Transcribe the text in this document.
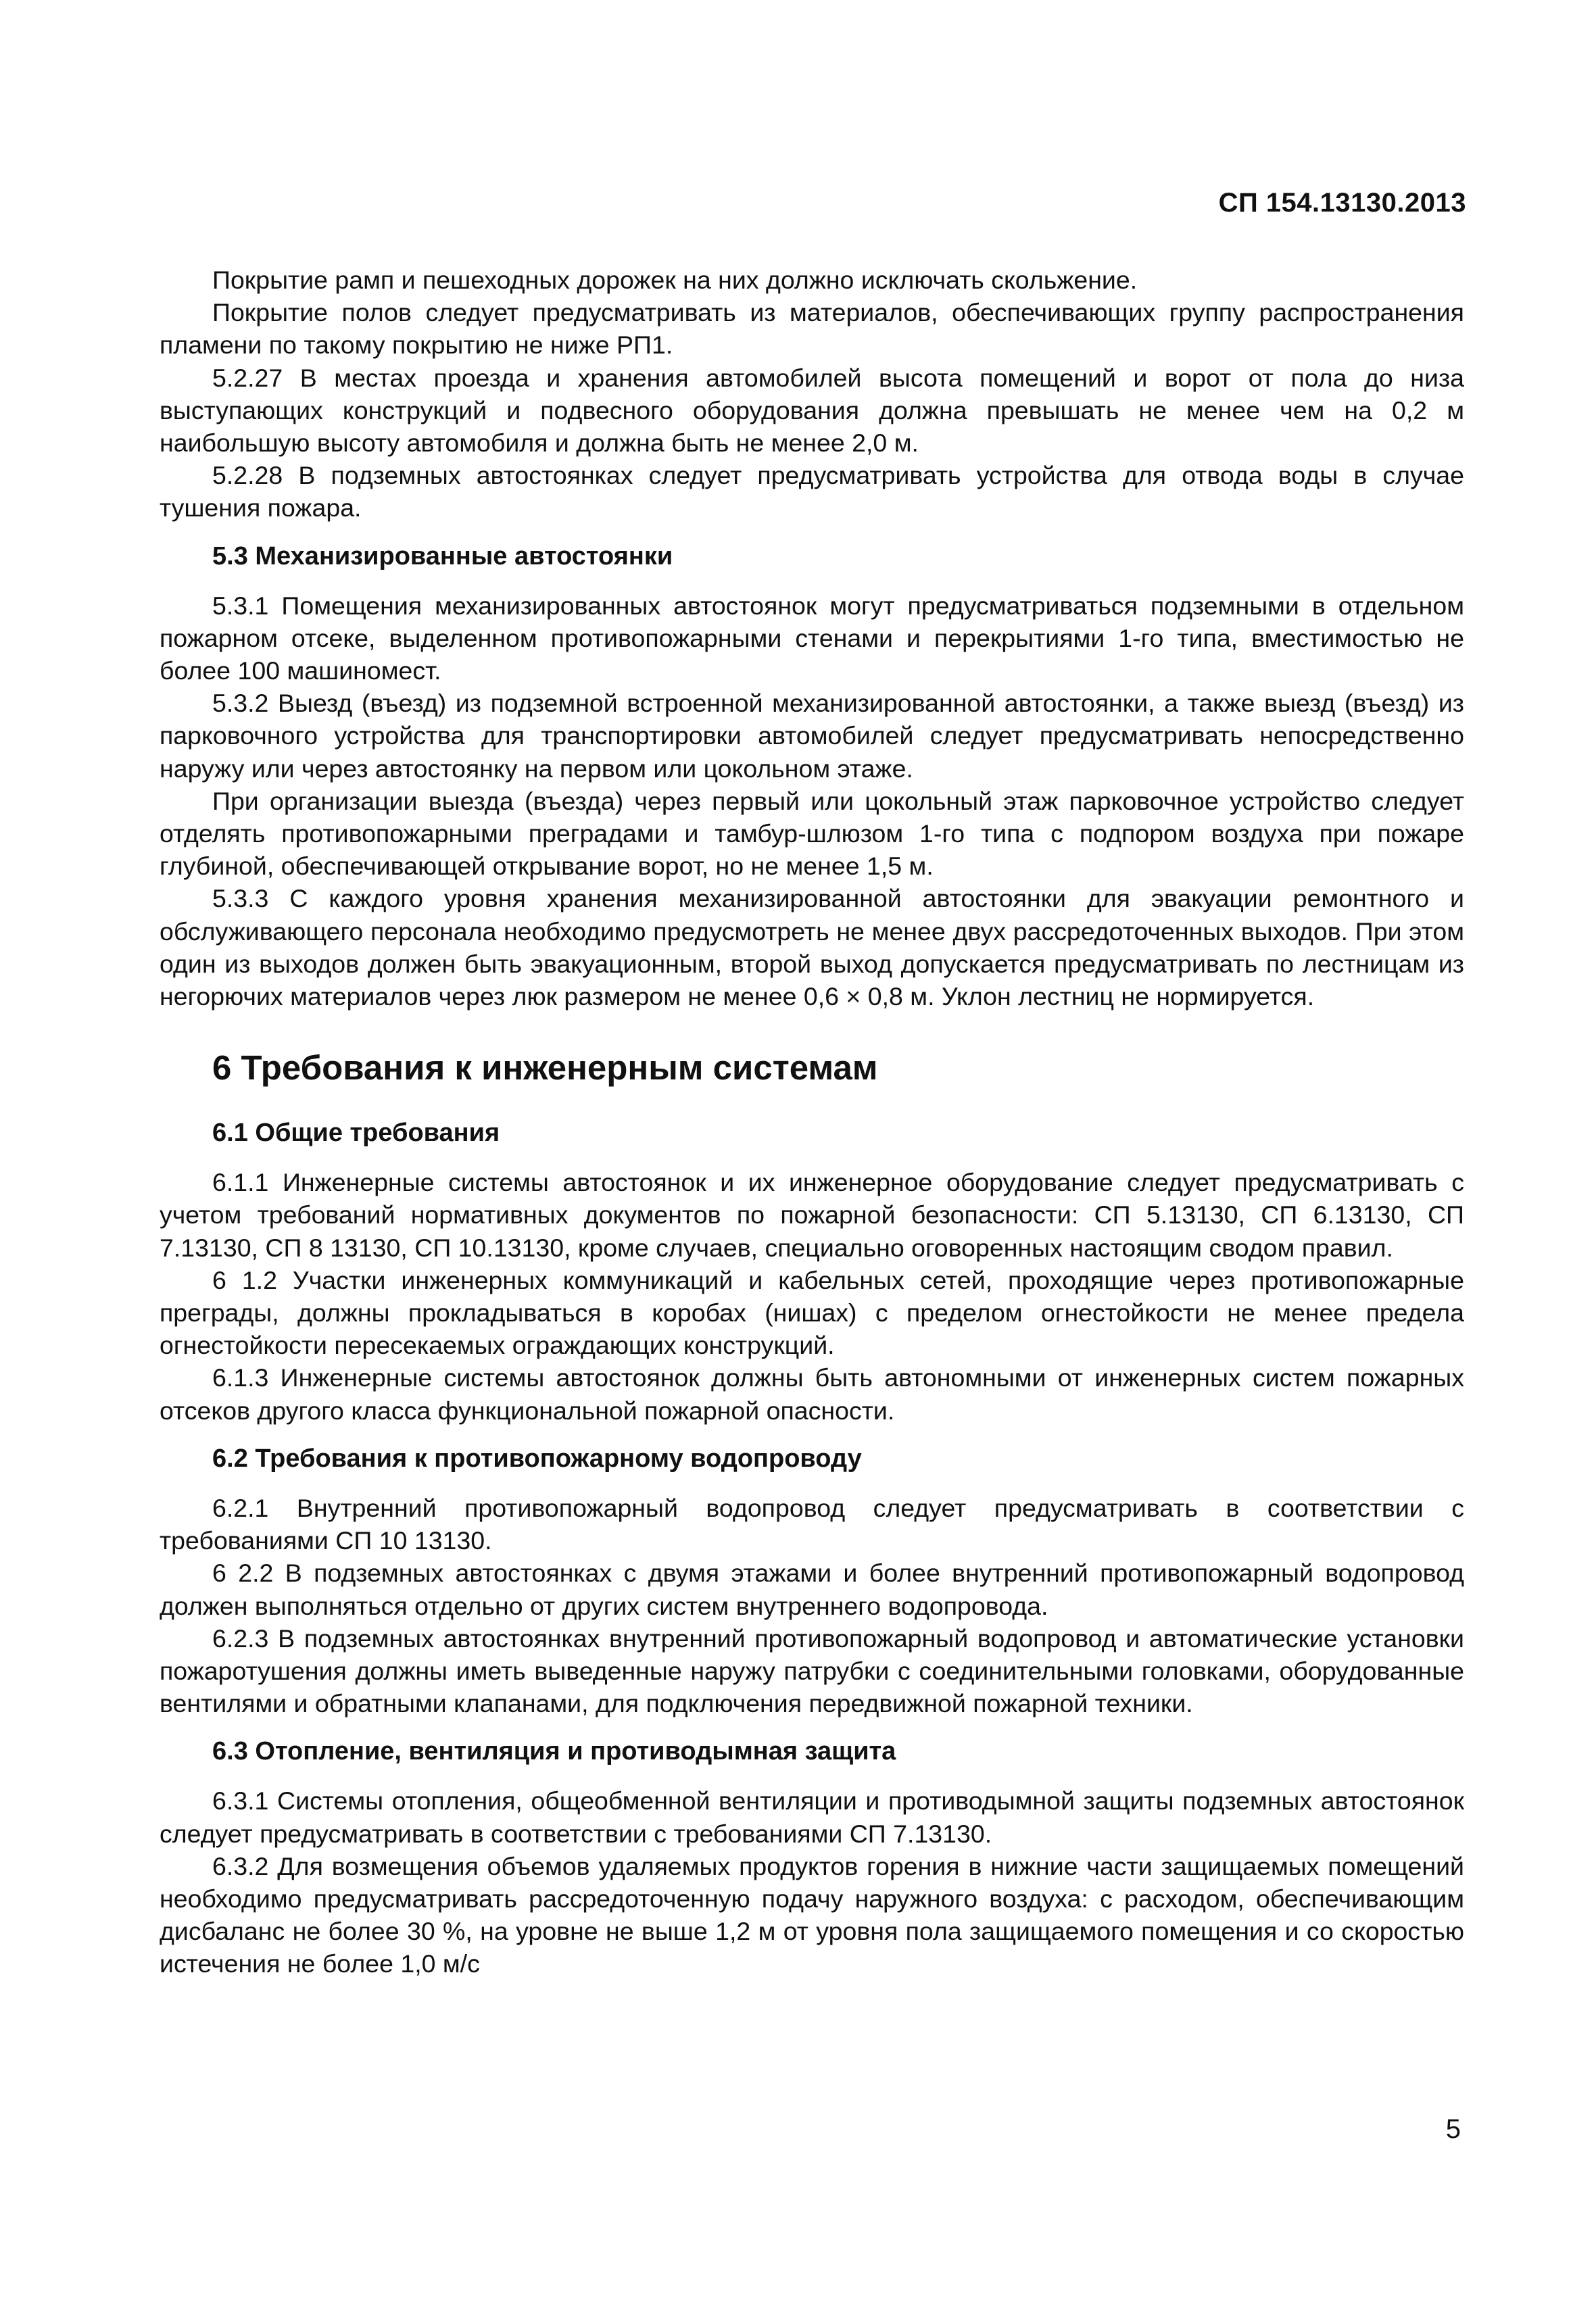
СП 154.13130.2013

Покрытие рамп и пешеходных дорожек на них должно исключать скольжение.

Покрытие полов следует предусматривать из материалов, обеспечивающих группу распространения пламени по такому покрытию не ниже РП1.

5.2.27 В местах проезда и хранения автомобилей высота помещений и ворот от пола до низа выступающих конструкций и подвесного оборудования должна превышать не менее чем на 0,2 м наибольшую высоту автомобиля и должна быть не менее 2,0 м.

5.2.28 В подземных автостоянках следует предусматривать устройства для отвода воды в случае тушения пожара.

5.3 Механизированные автостоянки

5.3.1 Помещения механизированных автостоянок могут предусматриваться подземными в отдельном пожарном отсеке, выделенном противопожарными стенами и перекрытиями 1-го типа, вместимостью не более 100 машиномест.

5.3.2 Выезд (въезд) из подземной встроенной механизированной автостоянки, а также выезд (въезд) из парковочного устройства для транспортировки автомобилей следует предусматривать непосредственно наружу или через автостоянку на первом или цокольном этаже.

При организации выезда (въезда) через первый или цокольный этаж парковочное устройство следует отделять противопожарными преградами и тамбур-шлюзом 1-го типа с подпором воздуха при пожаре глубиной, обеспечивающей открывание ворот, но не менее 1,5 м.

5.3.3 С каждого уровня хранения механизированной автостоянки для эвакуации ремонтного и обслуживающего персонала необходимо предусмотреть не менее двух рассредоточенных выходов. При этом один из выходов должен быть эвакуационным, второй выход допускается предусматривать по лестницам из негорючих материалов через люк размером не менее 0,6 × 0,8 м. Уклон лестниц не нормируется.

6 Требования к инженерным системам
6.1 Общие требования

6.1.1 Инженерные системы автостоянок и их инженерное оборудование следует предусматривать с учетом требований нормативных документов по пожарной безопасности: СП 5.13130, СП 6.13130, СП 7.13130, СП 8 13130, СП 10.13130, кроме случаев, специально оговоренных настоящим сводом правил.

6 1.2 Участки инженерных коммуникаций и кабельных сетей, проходящие через противопожарные преграды, должны прокладываться в коробах (нишах) с пределом огнестойкости не менее предела огнестойкости пересекаемых ограждающих конструкций.

6.1.3 Инженерные системы автостоянок должны быть автономными от инженерных систем пожарных отсеков другого класса функциональной пожарной опасности.

6.2 Требования к противопожарному водопроводу

6.2.1 Внутренний противопожарный водопровод следует предусматривать в соответствии с требованиями СП 10 13130.

6 2.2 В подземных автостоянках с двумя этажами и более внутренний противопожарный водопровод должен выполняться отдельно от других систем внутреннего водопровода.

6.2.3 В подземных автостоянках внутренний противопожарный водопровод и автоматические установки пожаротушения должны иметь выведенные наружу патрубки с соединительными головками, оборудованные вентилями и обратными клапанами, для подключения передвижной пожарной техники.

6.3 Отопление, вентиляция и противодымная защита

6.3.1 Системы отопления, общеобменной вентиляции и противодымной защиты подземных автостоянок следует предусматривать в соответствии с требованиями СП 7.13130.

6.3.2 Для возмещения объемов удаляемых продуктов горения в нижние части защищаемых помещений необходимо предусматривать рассредоточенную подачу наружного воздуха: с расходом, обеспечивающим дисбаланс не более 30 %, на уровне не выше 1,2 м от уровня пола защищаемого помещения и со скоростью истечения не более 1,0 м/с

5
